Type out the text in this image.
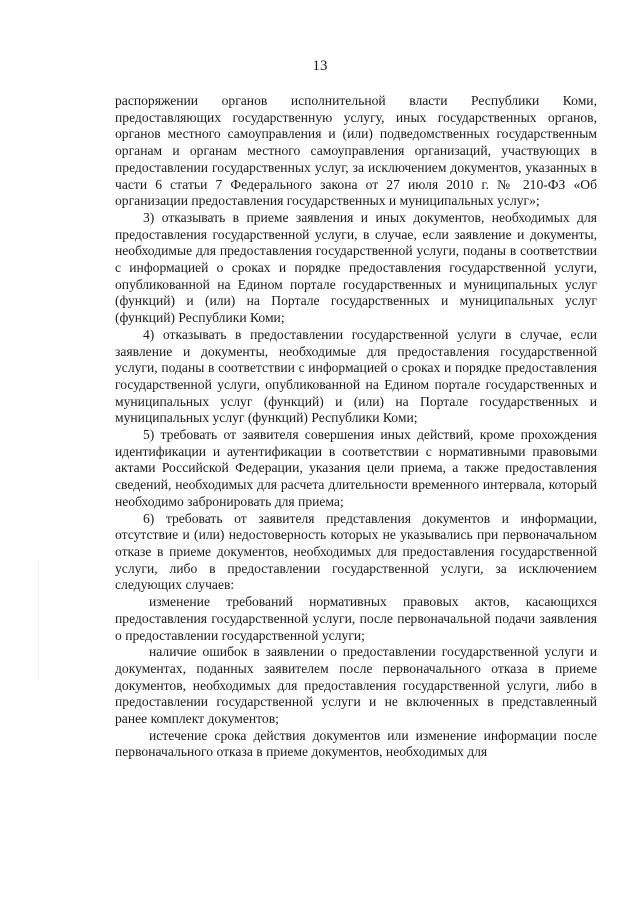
13

распоряжении органов исполнительной власти Республики Коми, предоставляющих государственную услугу, иных государственных органов, органов местного самоуправления и (или) подведомственных государственным органам и органам местного самоуправления организаций, участвующих в предоставлении государственных услуг, за исключением документов, указанных в части 6 статьи 7 Федерального закона от 27 июля 2010 г. № 210-ФЗ «Об организации предоставления государственных и муниципальных услуг»;

3) отказывать в приеме заявления и иных документов, необходимых для предоставления государственной услуги, в случае, если заявление и документы, необходимые для предоставления государственной услуги, поданы в соответствии с информацией о сроках и порядке предоставления государственной услуги, опубликованной на Едином портале государственных и муниципальных услуг (функций) и (или) на Портале государственных и муниципальных услуг (функций) Республики Коми;

4) отказывать в предоставлении государственной услуги в случае, если заявление и документы, необходимые для предоставления государственной услуги, поданы в соответствии с информацией о сроках и порядке предоставления государственной услуги, опубликованной на Едином портале государственных и муниципальных услуг (функций) и (или) на Портале государственных и муниципальных услуг (функций) Республики Коми;

5) требовать от заявителя совершения иных действий, кроме прохождения идентификации и аутентификации в соответствии с нормативными правовыми актами Российской Федерации, указания цели приема, а также предоставления сведений, необходимых для расчета длительности временного интервала, который необходимо забронировать для приема;

6) требовать от заявителя представления документов и информации, отсутствие и (или) недостоверность которых не указывались при первоначальном отказе в приеме документов, необходимых для предоставления государственной услуги, либо в предоставлении государственной услуги, за исключением следующих случаев:

изменение требований нормативных правовых актов, касающихся предоставления государственной услуги, после первоначальной подачи заявления о предоставлении государственной услуги;

наличие ошибок в заявлении о предоставлении государственной услуги и документах, поданных заявителем после первоначального отказа в приеме документов, необходимых для предоставления государственной услуги, либо в предоставлении государственной услуги и не включенных в представленный ранее комплект документов;

истечение срока действия документов или изменение информации после первоначального отказа в приеме документов, необходимых для
